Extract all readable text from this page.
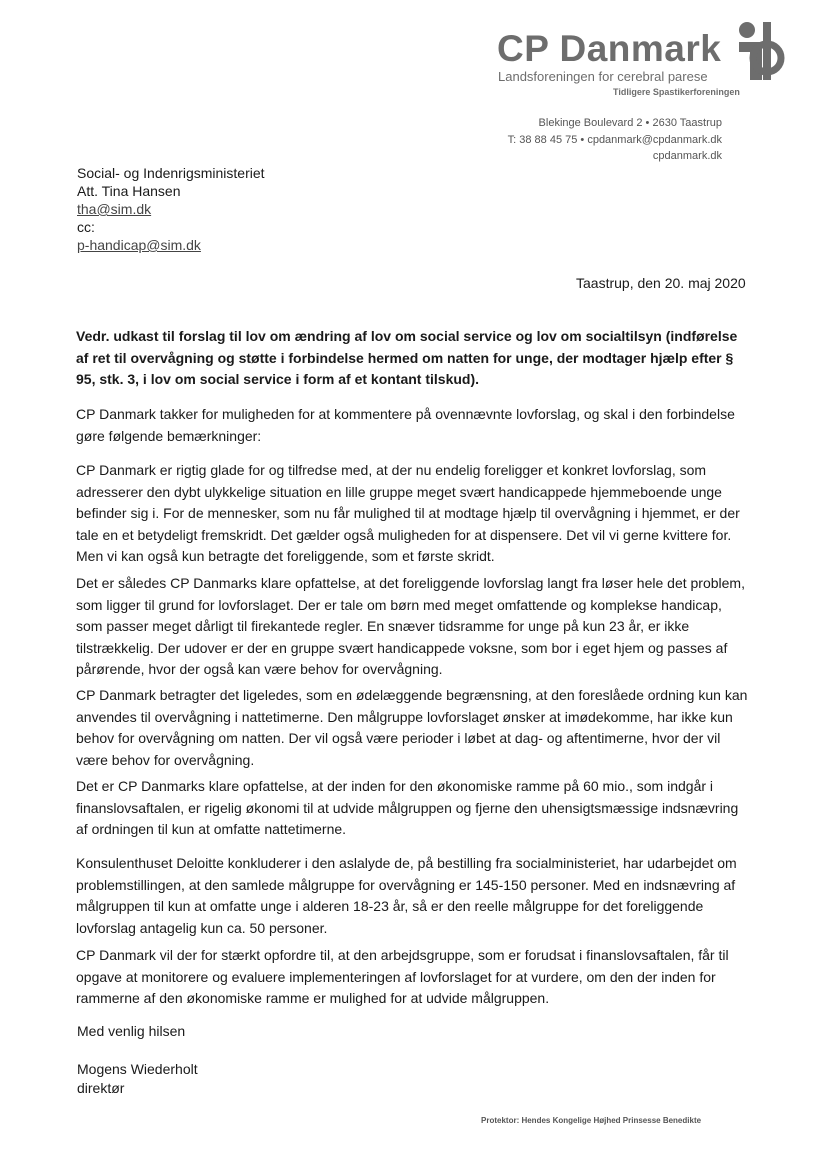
CP Danmark
Landsforeningen for cerebral parese
Tidligere Spastikerforeningen
Blekinge Boulevard 2 • 2630 Taastrup
T: 38 88 45 75 • cpdanmark@cpdanmark.dk
cpdanmark.dk
Social- og Indenrigsministeriet
Att. Tina Hansen
tha@sim.dk
cc:
p-handicap@sim.dk
Taastrup, den 20. maj 2020
Vedr. udkast til forslag til lov om ændring af lov om social service og lov om socialtilsyn (indførelse af ret til overvågning og støtte i forbindelse hermed om natten for unge, der modtager hjælp efter § 95, stk. 3, i lov om social service i form af et kontant tilskud).
CP Danmark takker for muligheden for at kommentere på ovennævnte lovforslag, og skal i den forbindelse gøre følgende bemærkninger:
CP Danmark er rigtig glade for og tilfredse med, at der nu endelig foreligger et konkret lovforslag, som adresserer den dybt ulykkelige situation en lille gruppe meget svært handicappede hjemmeboende unge befinder sig i. For de mennesker, som nu får mulighed til at modtage hjælp til overvågning i hjemmet, er der tale en et betydeligt fremskridt. Det gælder også muligheden for at dispensere. Det vil vi gerne kvittere for. Men vi kan også kun betragte det foreliggende, som et første skridt.
Det er således CP Danmarks klare opfattelse, at det foreliggende lovforslag langt fra løser hele det problem, som ligger til grund for lovforslaget. Der er tale om børn med meget omfattende og komplekse handicap, som passer meget dårligt til firekantede regler. En snæver tidsramme for unge på kun 23 år, er ikke tilstrækkelig. Der udover er der en gruppe svært handicappede voksne, som bor i eget hjem og passes af pårørende, hvor der også kan være behov for overvågning.
CP Danmark betragter det ligeledes, som en ødelæggende begrænsning, at den foreslåede ordning kun kan anvendes til overvågning i nattetimerne. Den målgruppe lovforslaget ønsker at imødekomme, har ikke kun behov for overvågning om natten. Der vil også være perioder i løbet at dag- og aftentimerne, hvor der vil være behov for overvågning.
Det er CP Danmarks klare opfattelse, at der inden for den økonomiske ramme på 60 mio., som indgår i finanslovsaftalen, er rigelig økonomi til at udvide målgruppen og fjerne den uhensigtsmæssige indsnævring af ordningen til kun at omfatte nattetimerne.
Konsulenthuset Deloitte konkluderer i den aslalyde de, på bestilling fra socialministeriet, har udarbejdet om problemstillingen, at den samlede målgruppe for overvågning er 145-150 personer. Med en indsnævring af målgruppen til kun at omfatte unge i alderen 18-23 år, så er den reelle målgruppe for det foreliggende lovforslag antagelig kun ca. 50 personer.
CP Danmark vil der for stærkt opfordre til, at den arbejdsgruppe, som er forudsat i finanslovsaftalen, får til opgave at monitorere og evaluere implementeringen af lovforslaget for at vurdere, om den der inden for rammerne af den økonomiske ramme er mulighed for at udvide målgruppen.
Med venlig hilsen
Mogens Wiederholt
direktør
Protektor: Hendes Kongelige Højhed Prinsesse Benedikte
